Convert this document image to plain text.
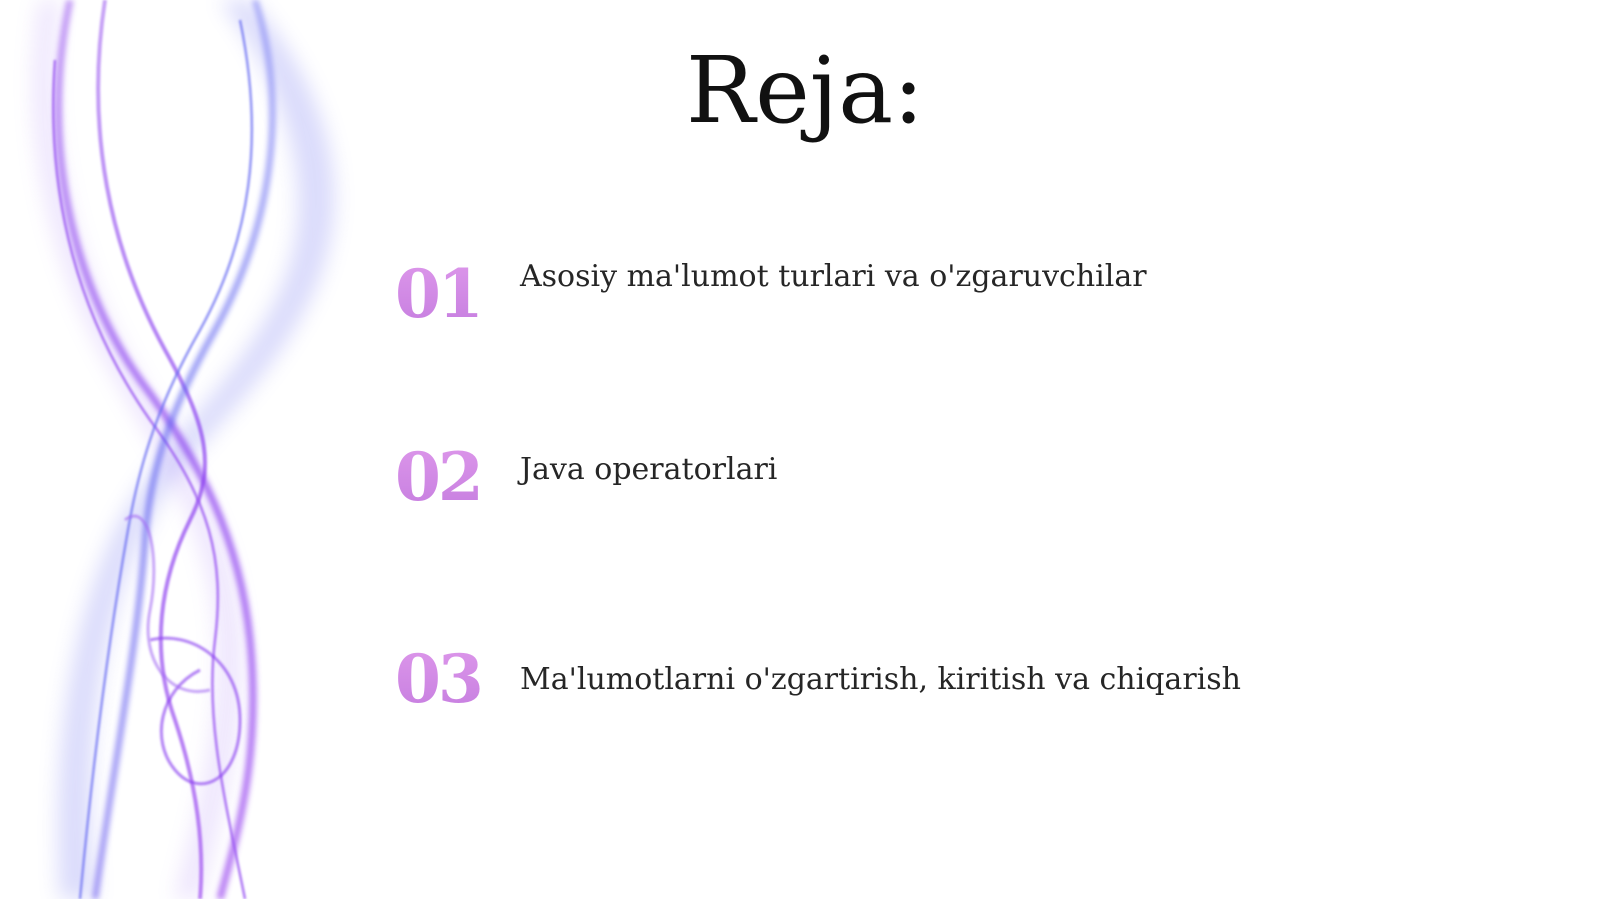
Reja:
01 Asosiy ma'lumot turlari va o'zgaruvchilar
02 Java operatorlari
03 Ma'lumotlarni o'zgartirish, kiritish va chiqarish
